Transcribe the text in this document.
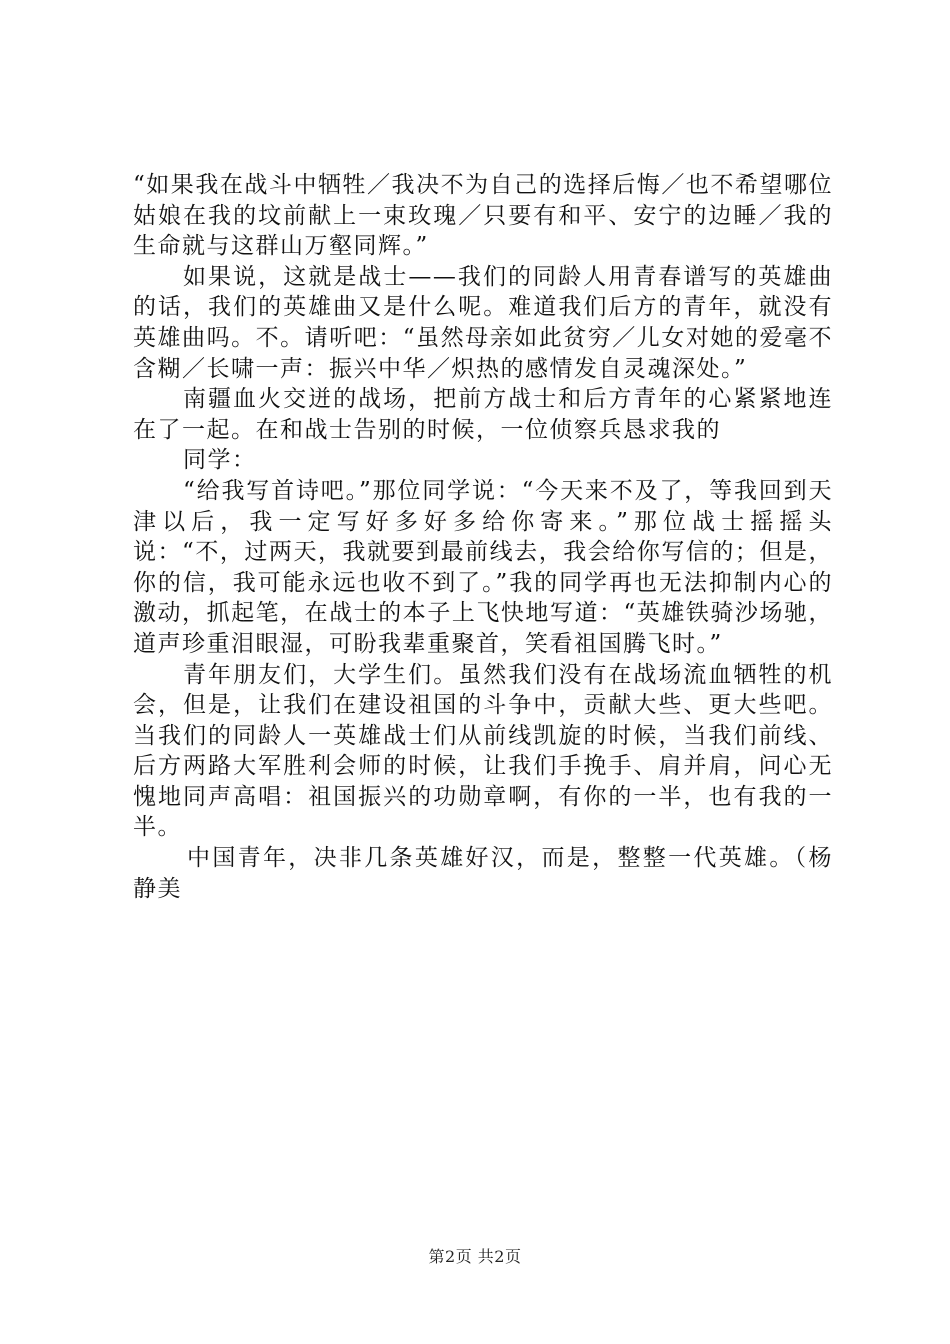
“如果我在战斗中牺牲／我决不为自己的选择后悔／也不希望哪位姑娘在我的坟前献上一束玫瑰／只要有和平、安宁的边睡／我的生命就与这群山万壑同辉。”

如果说，这就是战士——我们的同龄人用青春谱写的英雄曲的话，我们的英雄曲又是什么呢。难道我们后方的青年，就没有英雄曲吗。不。请听吧：“虽然母亲如此贫穷／儿女对她的爱毫不含糊／长啸一声：振兴中华／炽热的感情发自灵魂深处。”

南疆血火交迸的战场，把前方战士和后方青年的心紧紧地连在了一起。在和战士告别的时候，一位侦察兵恳求我的

同学：

“给我写首诗吧。”那位同学说：“今天来不及了，等我回到天津以后，我一定写好多好多给你寄来。”那位战士摇摇头说：“不，过两天，我就要到最前线去，我会给你写信的；但是，你的信，我可能永远也收不到了。”我的同学再也无法抑制内心的激动，抓起笔，在战士的本子上飞快地写道：“英雄铁骑沙场驰，道声珍重泪眼湿，可盼我辈重聚首，笑看祖国腾飞时。”

青年朋友们，大学生们。虽然我们没有在战场流血牺牲的机会，但是，让我们在建设祖国的斗争中，贡献大些、更大些吧。当我们的同龄人一英雄战士们从前线凯旋的时候，当我们前线、后方两路大军胜利会师的时候，让我们手挽手、肩并肩，问心无愧地同声高唱：祖国振兴的功勋章啊，有你的一半，也有我的一半。

中国青年，决非几条英雄好汉，而是，整整一代英雄。（杨静美

第2页 共2页
